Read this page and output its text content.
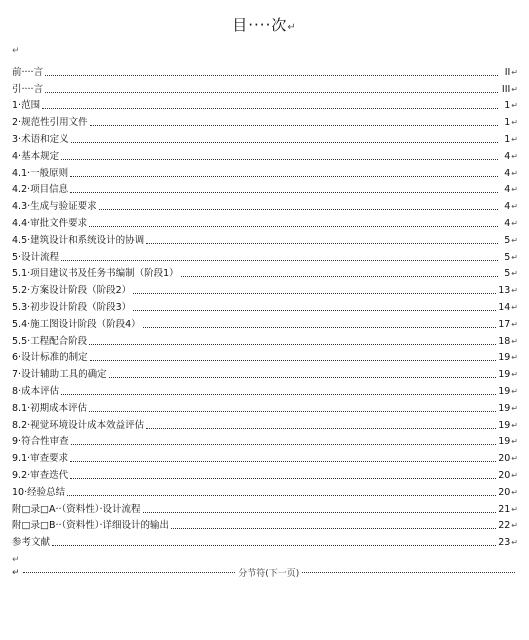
目····次↵
↵
前····言	II ↵
引····言	III ↵
1·范围	1 ↵
2·规范性引用文件	1 ↵
3·术语和定义	1 ↵
4·基本规定	4 ↵
4.1·一般原则	4 ↵
4.2·项目信息	4 ↵
4.3·生成与验证要求	4 ↵
4.4·审批文件要求	4 ↵
4.5·建筑设计和系统设计的协调	5 ↵
5·设计流程	5 ↵
5.1·项目建议书及任务书编制（阶段1）	5 ↵
5.2·方案设计阶段（阶段2）	13 ↵
5.3·初步设计阶段（阶段3）	14 ↵
5.4·施工图设计阶段（阶段4）	17 ↵
5.5·工程配合阶段	18 ↵
6·设计标准的制定	19 ↵
7·设计辅助工具的确定	19 ↵
8·成本评估	19 ↵
8.1·初期成本评估	19 ↵
8.2·视觉环境设计成本效益评估	19 ↵
9·符合性审查	19 ↵
9.1·审查要求	20 ↵
9.2·审查迭代	20 ↵
10·经验总结	20 ↵
附□录□A··（资料性）·设计流程	21 ↵
附□录□B··（资料性）·详细设计的输出	22 ↵
参考文献	23 ↵
↵
↵	分节符(下一页)
